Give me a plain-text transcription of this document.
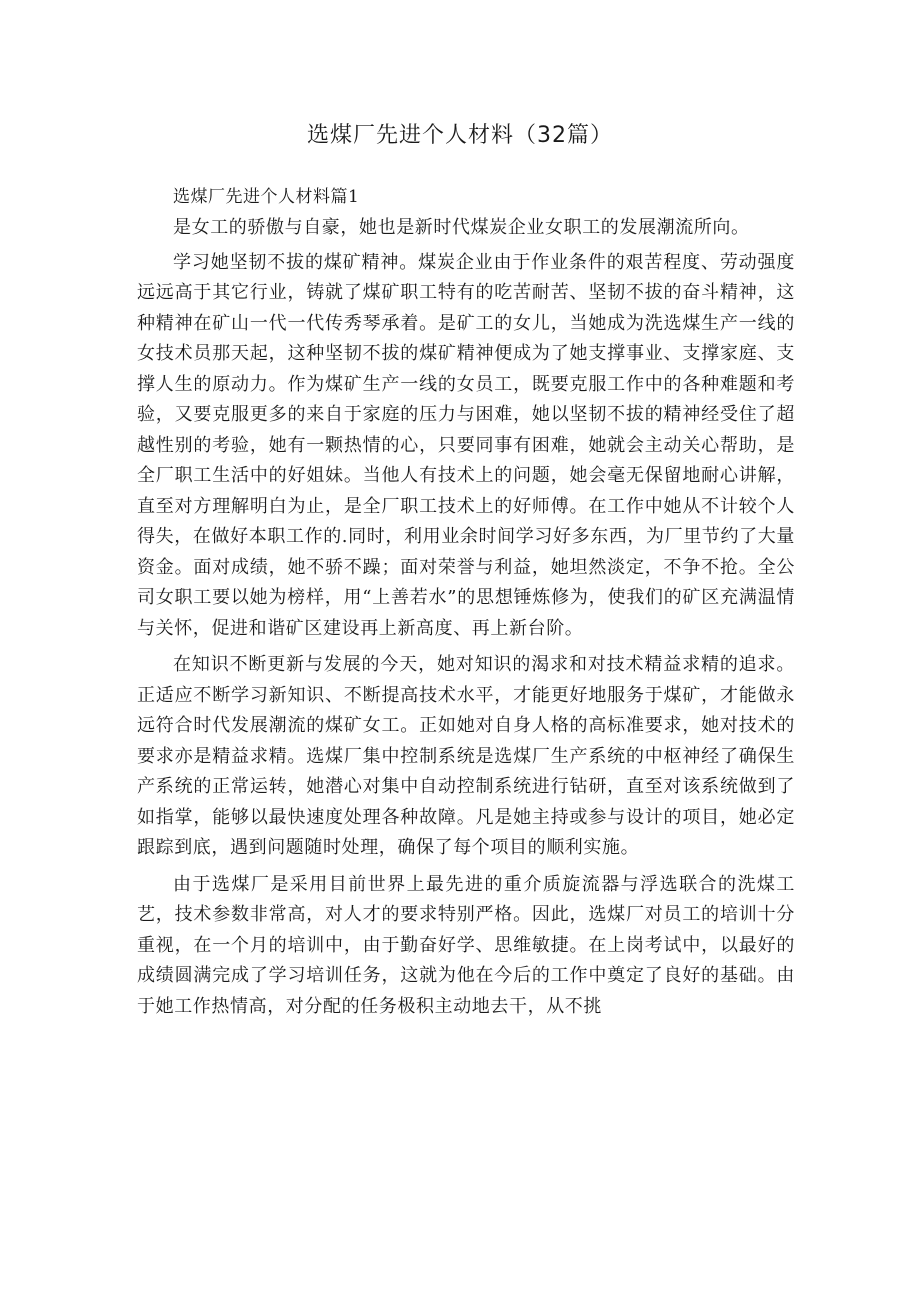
选煤厂先进个人材料（32篇）

选煤厂先进个人材料篇1

是女工的骄傲与自豪，她也是新时代煤炭企业女职工的发展潮流所向。

学习她坚韧不拔的煤矿精神。煤炭企业由于作业条件的艰苦程度、劳动强度远远高于其它行业，铸就了煤矿职工特有的吃苦耐苦、坚韧不拔的奋斗精神，这种精神在矿山一代一代传秀琴承着。是矿工的女儿，当她成为洗选煤生产一线的女技术员那天起，这种坚韧不拔的煤矿精神便成为了她支撑事业、支撑家庭、支撑人生的原动力。作为煤矿生产一线的女员工，既要克服工作中的各种难题和考验，又要克服更多的来自于家庭的压力与困难，她以坚韧不拔的精神经受住了超越性别的考验，她有一颗热情的心，只要同事有困难，她就会主动关心帮助，是全厂职工生活中的好姐妹。当他人有技术上的问题，她会毫无保留地耐心讲解，直至对方理解明白为止，是全厂职工技术上的好师傅。在工作中她从不计较个人得失，在做好本职工作的.同时，利用业余时间学习好多东西，为厂里节约了大量资金。面对成绩，她不骄不躁；面对荣誉与利益，她坦然淡定，不争不抢。全公司女职工要以她为榜样，用“上善若水”的思想锤炼修为，使我们的矿区充满温情与关怀，促进和谐矿区建设再上新高度、再上新台阶。

在知识不断更新与发展的今天，她对知识的渴求和对技术精益求精的追求。正适应不断学习新知识、不断提高技术水平，才能更好地服务于煤矿，才能做永远符合时代发展潮流的煤矿女工。正如她对自身人格的高标准要求，她对技术的要求亦是精益求精。选煤厂集中控制系统是选煤厂生产系统的中枢神经了确保生产系统的正常运转，她潜心对集中自动控制系统进行钻研，直至对该系统做到了如指掌，能够以最快速度处理各种故障。凡是她主持或参与设计的项目，她必定跟踪到底，遇到问题随时处理，确保了每个项目的顺利实施。

由于选煤厂是采用目前世界上最先进的重介质旋流器与浮选联合的洗煤工艺，技术参数非常高，对人才的要求特别严格。因此，选煤厂对员工的培训十分重视，在一个月的培训中，由于勤奋好学、思维敏捷。在上岗考试中，以最好的成绩圆满完成了学习培训任务，这就为他在今后的工作中奠定了良好的基础。由于她工作热情高，对分配的任务极积主动地去干，从不挑
